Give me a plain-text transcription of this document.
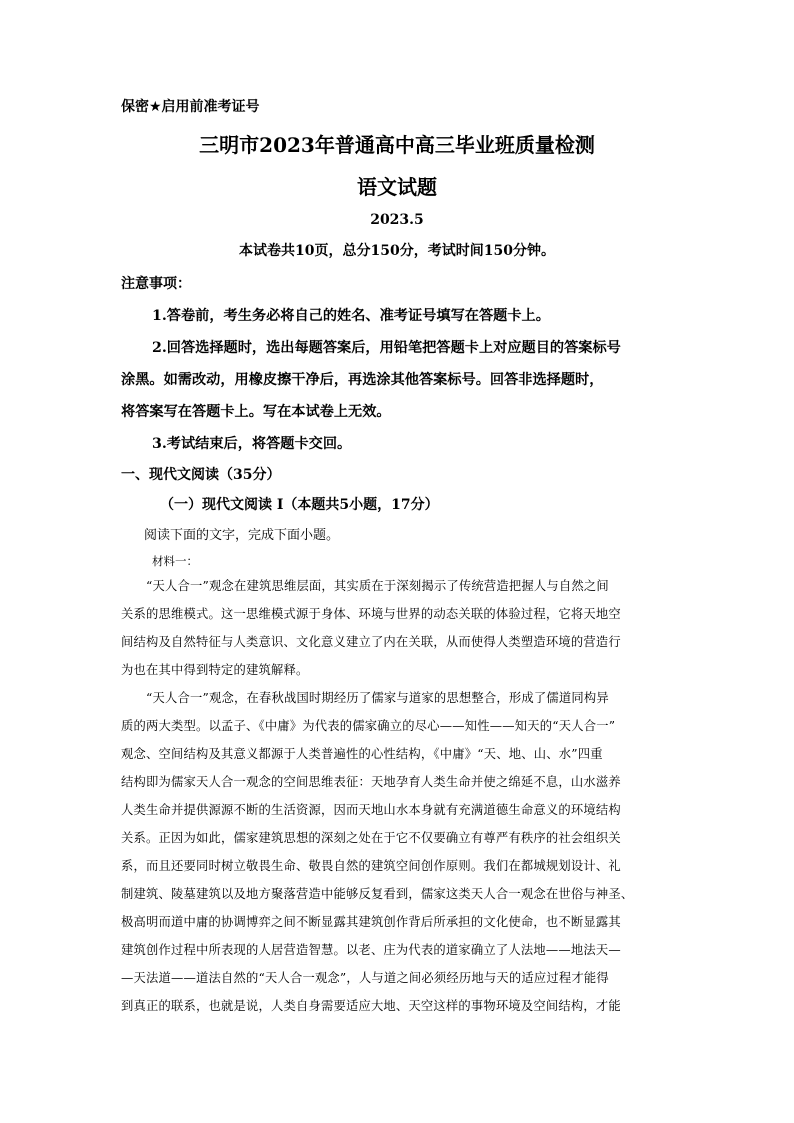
保密★启用前准考证号
三明市2023年普通高中高三毕业班质量检测
语文试题
2023.5
本试卷共10页，总分150分，考试时间150分钟。
注意事项：
1.答卷前，考生务必将自己的姓名、准考证号填写在答题卡上。
2.回答选择题时，选出每题答案后，用铅笔把答题卡上对应题目的答案标号
涂黑。如需改动，用橡皮擦干净后，再选涂其他答案标号。回答非选择题时，
将答案写在答题卡上。写在本试卷上无效。
3.考试结束后，将答题卡交回。
一、现代文阅读（35分）
（一）现代文阅读 I（本题共5小题，17分）
阅读下面的文字，完成下面小题。
材料一：
“天人合一”观念在建筑思维层面，其实质在于深刻揭示了传统营造把握人与自然之间
关系的思维模式。这一思维模式源于身体、环境与世界的动态关联的体验过程，它将天地空
间结构及自然特征与人类意识、文化意义建立了内在关联，从而使得人类塑造环境的营造行
为也在其中得到特定的建筑解释。
“天人合一”观念，在春秋战国时期经历了儒家与道家的思想整合，形成了儒道同构异
质的两大类型。以孟子、《中庸》为代表的儒家确立的尽心——知性——知天的“天人合一”
观念、空间结构及其意义都源于人类普遍性的心性结构，《中庸》“天、地、山、水”四重
结构即为儒家天人合一观念的空间思维表征：天地孕育人类生命并使之绵延不息，山水滋养
人类生命并提供源源不断的生活资源，因而天地山水本身就有充满道德生命意义的环境结构
关系。正因为如此，儒家建筑思想的深刻之处在于它不仅要确立有尊严有秩序的社会组织关
系，而且还要同时树立敬畏生命、敬畏自然的建筑空间创作原则。我们在都城规划设计、礼
制建筑、陵墓建筑以及地方聚落营造中能够反复看到，儒家这类天人合一观念在世俗与神圣、
极高明而道中庸的协调博弈之间不断显露其建筑创作背后所承担的文化使命，也不断显露其
建筑创作过程中所表现的人居营造智慧。以老、庄为代表的道家确立了人法地——地法天—
—天法道——道法自然的“天人合一观念”，人与道之间必须经历地与天的适应过程才能得
到真正的联系，也就是说，人类自身需要适应大地、天空这样的事物环境及空间结构，才能
